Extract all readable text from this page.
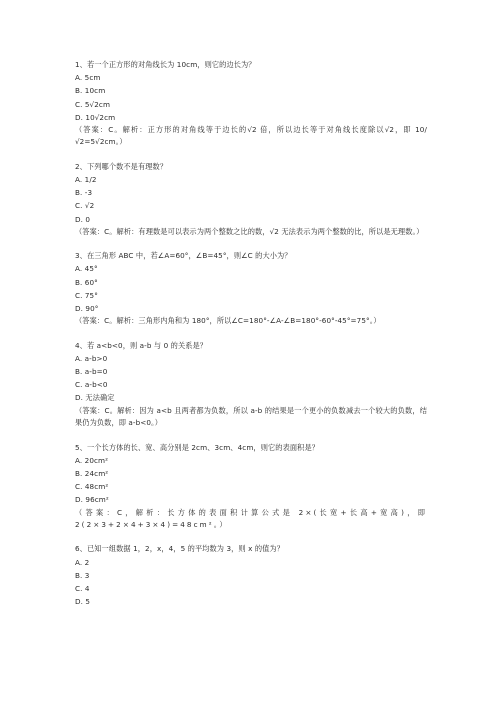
1、若一个正方形的对角线长为 10cm，则它的边长为？

A. 5cm

B. 10cm

C. 5√2cm

D. 10√2cm

（答案：C。解析：正方形的对角线等于边长的√2 倍，所以边长等于对角线长度除以√2，即 10/√2=5√2cm。）

2、下列哪个数不是有理数？

A. 1/2

B. -3

C. √2

D. 0

（答案：C。解析：有理数是可以表示为两个整数之比的数，√2 无法表示为两个整数的比，所以是无理数。）

3、在三角形 ABC 中，若∠A=60°，∠B=45°，则∠C 的大小为？

A. 45°

B. 60°

C. 75°

D. 90°

（答案：C。解析：三角形内角和为 180°，所以∠C=180°-∠A-∠B=180°-60°-45°=75°。）

4、若 a<b<0，则 a-b 与 0 的关系是？

A. a-b>0

B. a-b=0

C. a-b<0

D. 无法确定

（答案：C。解析：因为 a<b 且两者都为负数，所以 a-b 的结果是一个更小的负数减去一个较大的负数，结果仍为负数，即 a-b<0。）

5、一个长方体的长、宽、高分别是 2cm、3cm、4cm，则它的表面积是？

A. 20cm²

B. 24cm²

C. 48cm²

D. 96cm²

（答案：C，解析：长方体的表面积计算公式是 2×(长宽+长高+宽高)，即 2(2×3+2×4+3×4)=48cm²。）

6、已知一组数据 1，2，x，4，5 的平均数为 3，则 x 的值为？

A. 2

B. 3

C. 4

D. 5
